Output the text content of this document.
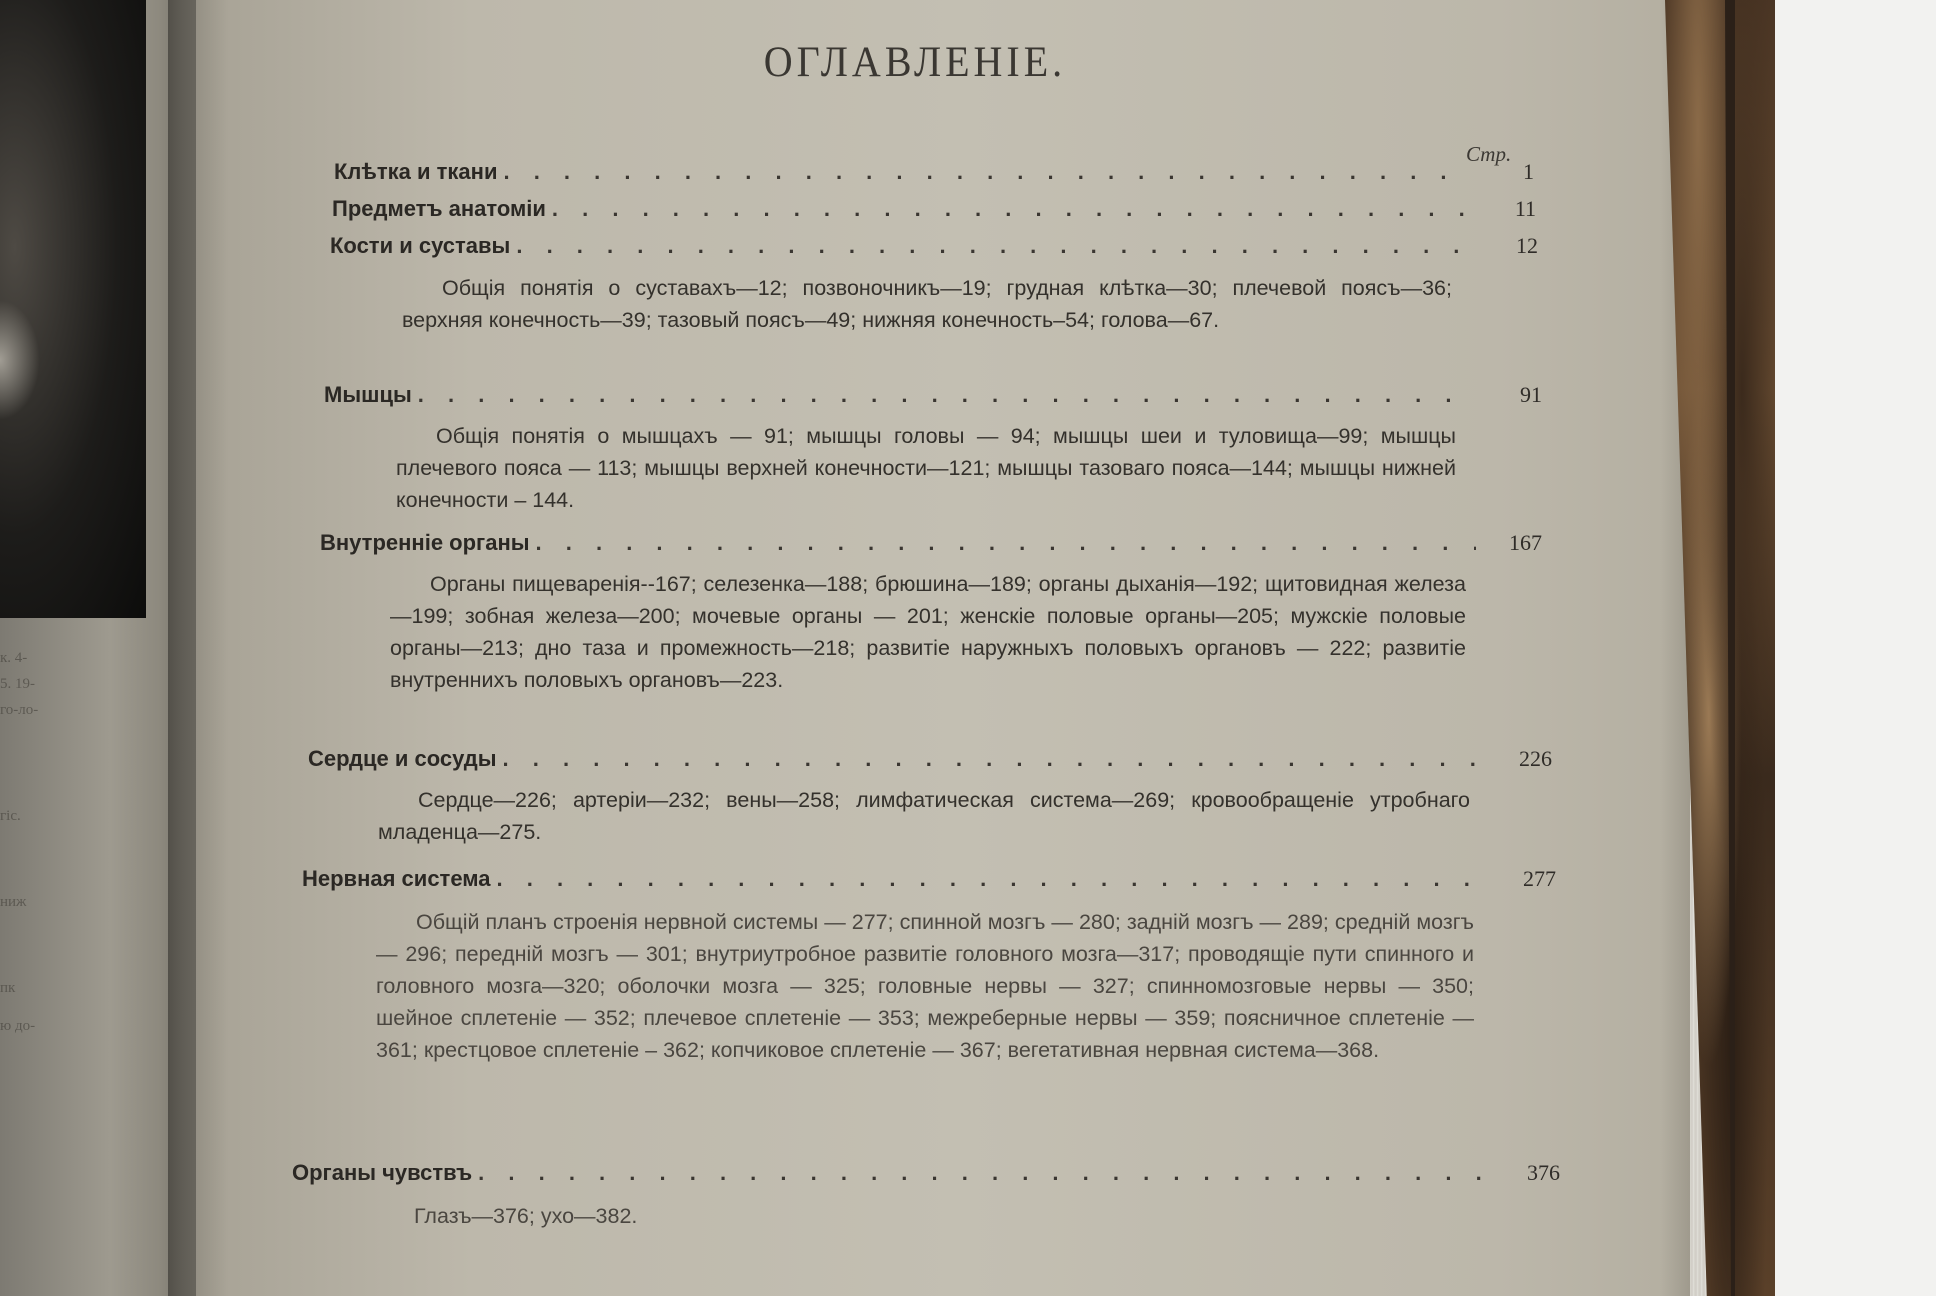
к. 4-
5. 19-
го-ло-
гіс.
ниж
пк
ю до-
ОГЛАВЛЕНІЕ.
Стр.
Клѣтка и ткани . . .	1
Предметъ анатоміи . . .	11
Кости и суставы . . .	12
Общія понятія о суставахъ—12; позвоночникъ—19; грудная клѣтка—30; плечевой поясъ—36; верхняя конечность—39; тазовый поясъ—49; нижняя конечность–54; голова—67.
Мышцы . . .	91
Общія понятія о мышцахъ — 91; мышцы головы — 94; мышцы шеи и туловища—99; мышцы плечевого пояса — 113; мышцы верхней конечности—121; мышцы тазоваго пояса—144; мышцы нижней конечности – 144.
Внутренніе органы . . .	167
Органы пищеваренія--167; селезенка—188; брюшина—189; органы дыханія—192; щитовидная железа—199; зобная железа—200; мочевые органы — 201; женскіе половые органы—205; мужскіе половые органы—213; дно таза и промежность—218; развитіе наружныхъ половыхъ органовъ — 222; развитіе внутреннихъ половыхъ органовъ—223.
Сердце и сосуды . . .	226
Сердце—226; артеріи—232; вены—258; лимфатическая система—269; кровообращеніе утробнаго младенца—275.
Нервная система . . .	277
Общій планъ строенія нервной системы — 277; спинной мозгъ — 280; задній мозгъ — 289; средній мозгъ — 296; передній мозгъ — 301; внутриутробное развитіе головного мозга—317; проводящіе пути спинного и головного мозга—320; оболочки мозга — 325; головные нервы — 327; спинномозговые нервы — 350; шейное сплетеніе — 352; плечевое сплетеніе — 353; межреберные нервы — 359; поясничное сплетеніе — 361; крестцовое сплетеніе – 362; копчиковое сплетеніе — 367; вегетативная нервная система—368.
Органы чувствъ . . .	376
Глазъ—376; ухо—382.
